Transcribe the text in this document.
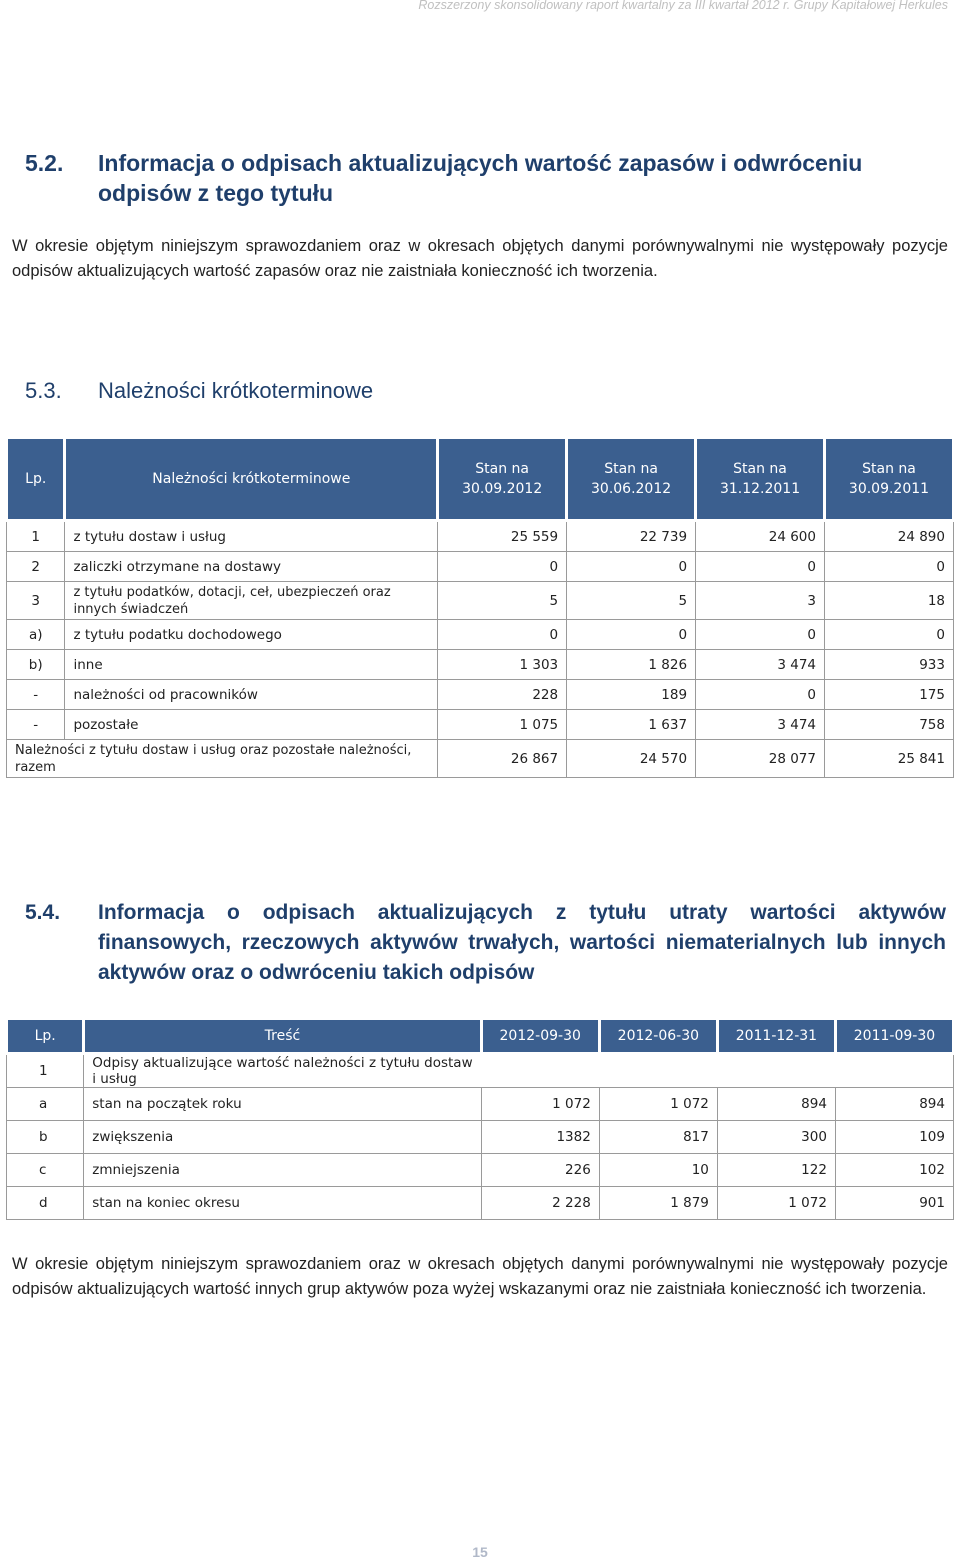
Rozszerzony skonsolidowany raport kwartalny za III kwartał 2012 r. Grupy Kapitałowej Herkules
5.2. Informacja o odpisach aktualizujących wartość zapasów i odwróceniu odpisów z tego tytułu
W okresie objętym niniejszym sprawozdaniem oraz w okresach objętych danymi porównywalnymi nie występowały pozycje odpisów aktualizujących wartość zapasów oraz nie zaistniała konieczność ich tworzenia.
5.3. Należności krótkoterminowe
Lp.	Należności krótkoterminowe	Stan na 30.09.2012	Stan na 30.06.2012	Stan na 31.12.2011	Stan na 30.09.2011
1	z tytułu dostaw i usług	25 559	22 739	24 600	24 890
2	zaliczki otrzymane na dostawy	0	0	0	0
3	z tytułu podatków, dotacji, ceł, ubezpieczeń oraz innych świadczeń	5	5	3	18
a)	z tytułu podatku dochodowego	0	0	0	0
b)	inne	1 303	1 826	3 474	933
-	należności od pracowników	228	189	0	175
-	pozostałe	1 075	1 637	3 474	758

Należności z tytułu dostaw i usług oraz pozostałe należności, razem		26 867	24 570	28 077	25 841
5.4. Informacja o odpisach aktualizujących z tytułu utraty wartości aktywów finansowych, rzeczowych aktywów trwałych, wartości niematerialnych lub innych aktywów oraz o odwróceniu takich odpisów
Lp.	Treść	2012-09-30	2012-06-30	2011-12-31	2011-09-30
1	Odpisy aktualizujące wartość należności z tytułu dostaw i usług				
a	stan na początek roku	1 072	1 072	894	894
b	zwiększenia	1382	817	300	109
c	zmniejszenia	226	10	122	102
d	stan na koniec okresu	2 228	1 879	1 072	901
W okresie objętym niniejszym sprawozdaniem oraz w okresach objętych danymi porównywalnymi nie występowały pozycje odpisów aktualizujących wartość innych grup aktywów poza wyżej wskazanymi oraz nie zaistniała konieczność ich tworzenia.
15
